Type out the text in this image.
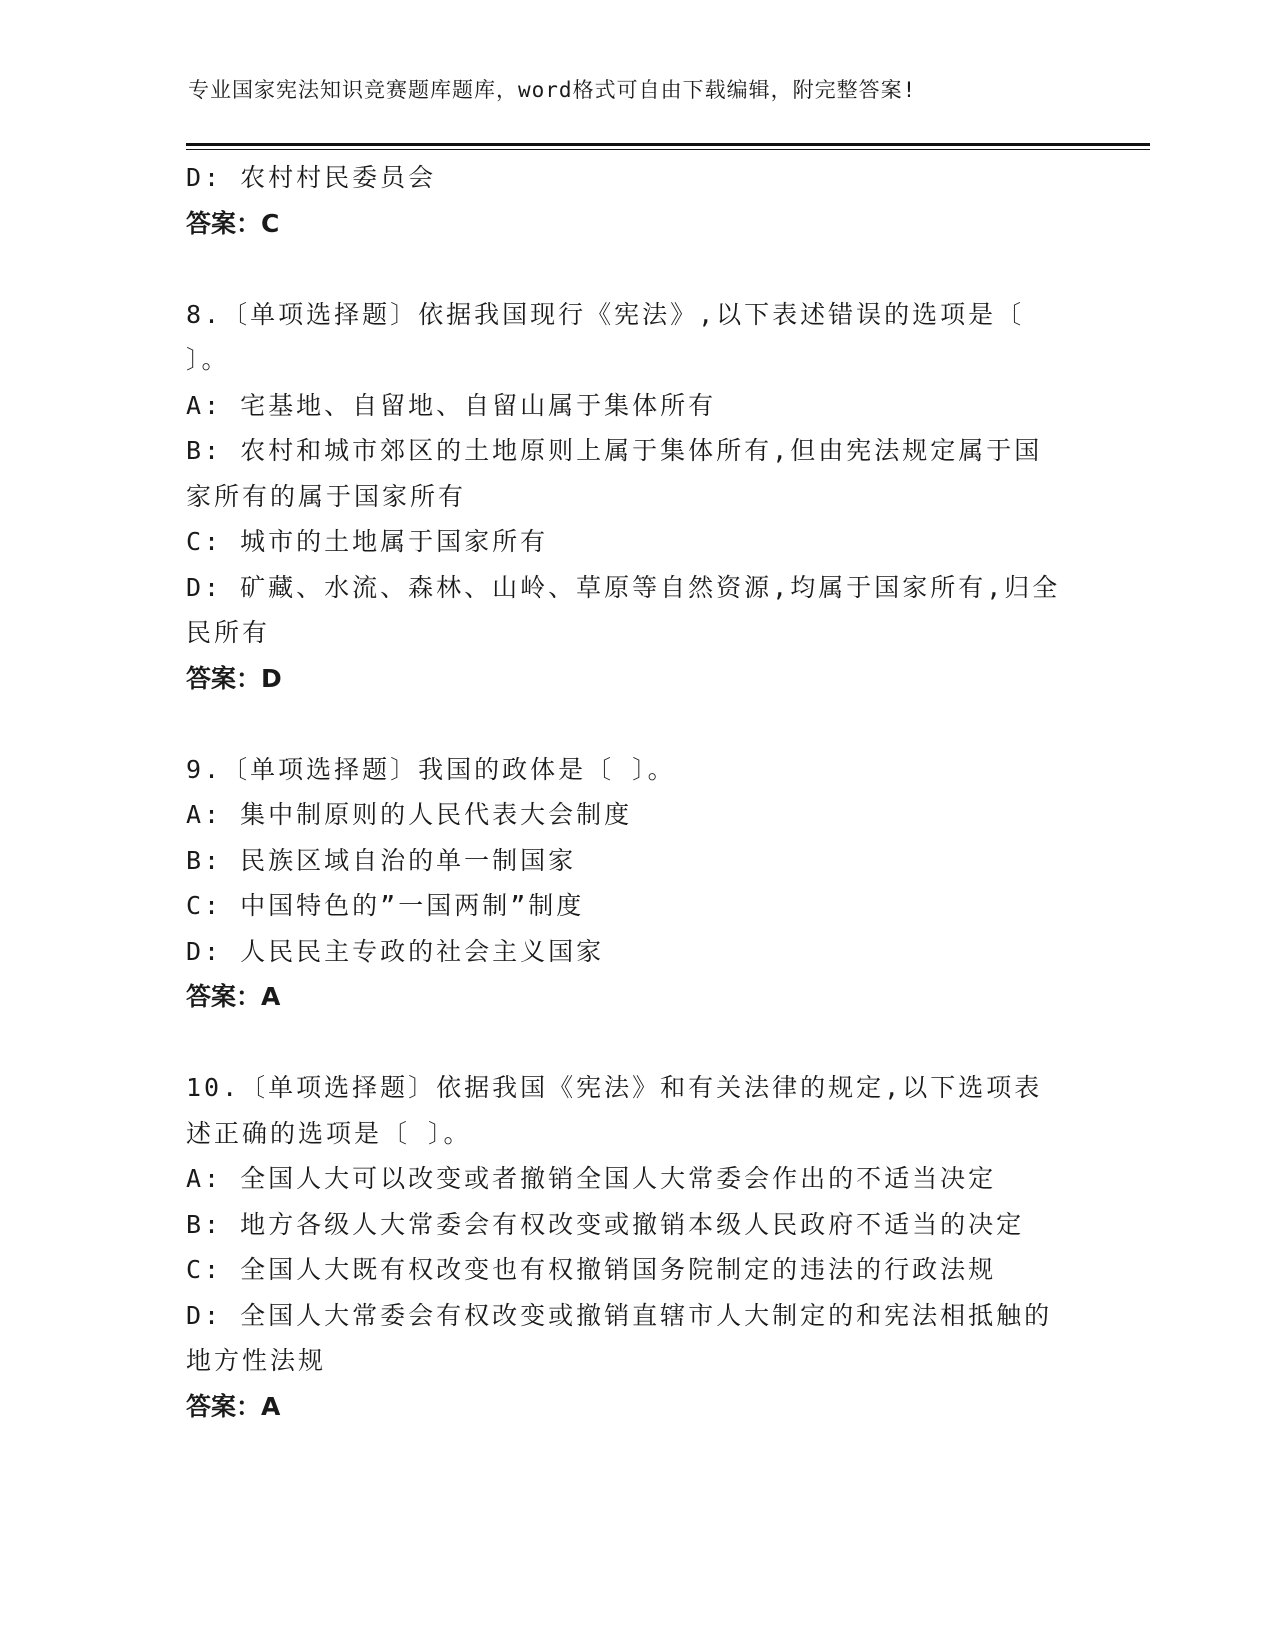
专业国家宪法知识竞赛题库题库，word格式可自由下载编辑，附完整答案!
D: 农村村民委员会
答案：C
8.〔单项选择题〕依据我国现行《宪法》,以下表述错误的选项是〔
〕。
A: 宅基地、自留地、自留山属于集体所有
B: 农村和城市郊区的土地原则上属于集体所有,但由宪法规定属于国
家所有的属于国家所有
C: 城市的土地属于国家所有
D: 矿藏、水流、森林、山岭、草原等自然资源,均属于国家所有,归全
民所有
答案：D
9.〔单项选择题〕我国的政体是〔 〕。
A: 集中制原则的人民代表大会制度
B: 民族区域自治的单一制国家
C: 中国特色的”一国两制”制度
D: 人民民主专政的社会主义国家
答案：A
10.〔单项选择题〕依据我国《宪法》和有关法律的规定,以下选项表
述正确的选项是〔 〕。
A: 全国人大可以改变或者撤销全国人大常委会作出的不适当决定
B: 地方各级人大常委会有权改变或撤销本级人民政府不适当的决定
C: 全国人大既有权改变也有权撤销国务院制定的违法的行政法规
D: 全国人大常委会有权改变或撤销直辖市人大制定的和宪法相抵触的
地方性法规
答案：A
